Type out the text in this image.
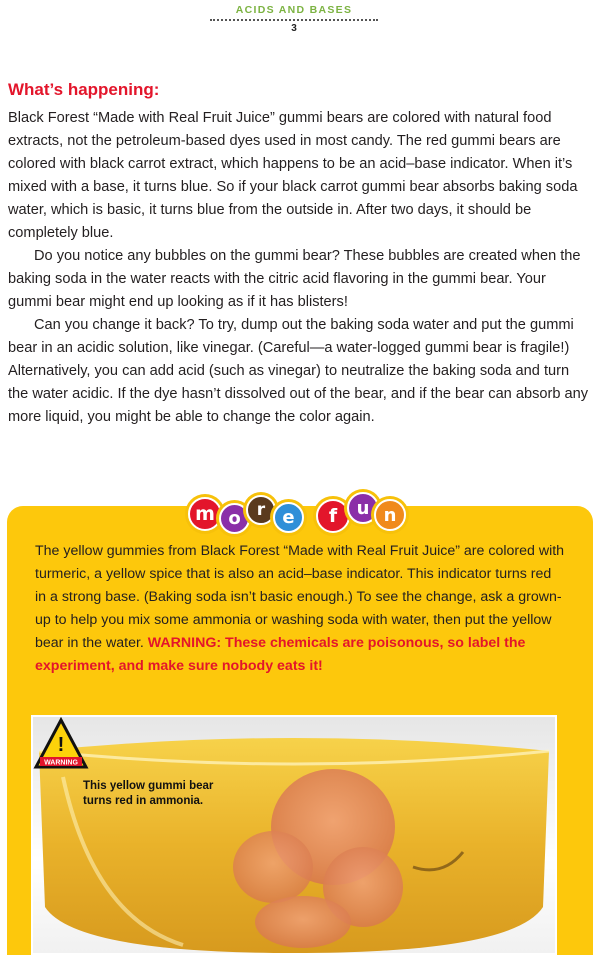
ACIDS AND BASES
3
What’s happening:

Black Forest “Made with Real Fruit Juice” gummi bears are colored with natural food extracts, not the petroleum-based dyes used in most candy. The red gummi bears are colored with black carrot extract, which happens to be an acid–base indicator. When it’s mixed with a base, it turns blue. So if your black carrot gummi bear absorbs baking soda water, which is basic, it turns blue from the outside in. After two days, it should be completely blue.

Do you notice any bubbles on the gummi bear? These bubbles are created when the baking soda in the water reacts with the citric acid flavoring in the gummi bear. Your gummi bear might end up looking as if it has blisters!

Can you change it back? To try, dump out the baking soda water and put the gummi bear in an acidic solution, like vinegar. (Careful—a water-logged gummi bear is fragile!) Alternatively, you can add acid (such as vinegar) to neutralize the baking soda and turn the water acidic. If the dye hasn’t dissolved out of the bear, and if the bear can absorb any more liquid, you might be able to change the color again.

m o r e	f	u n

The yellow gummies from Black Forest “Made with Real Fruit Juice” are colored with turmeric, a yellow spice that is also an acid–base indicator. This indicator turns red in a strong base. (Baking soda isn’t basic enough.) To see the change, ask a grown-up to help you mix some ammonia or washing soda with water, then put the yellow bear in the water. WARNING: These chemicals are poisonous, so label the experiment, and make sure nobody eats it!

This yellow gummi bear turns red in ammonia.
!
WARNING
